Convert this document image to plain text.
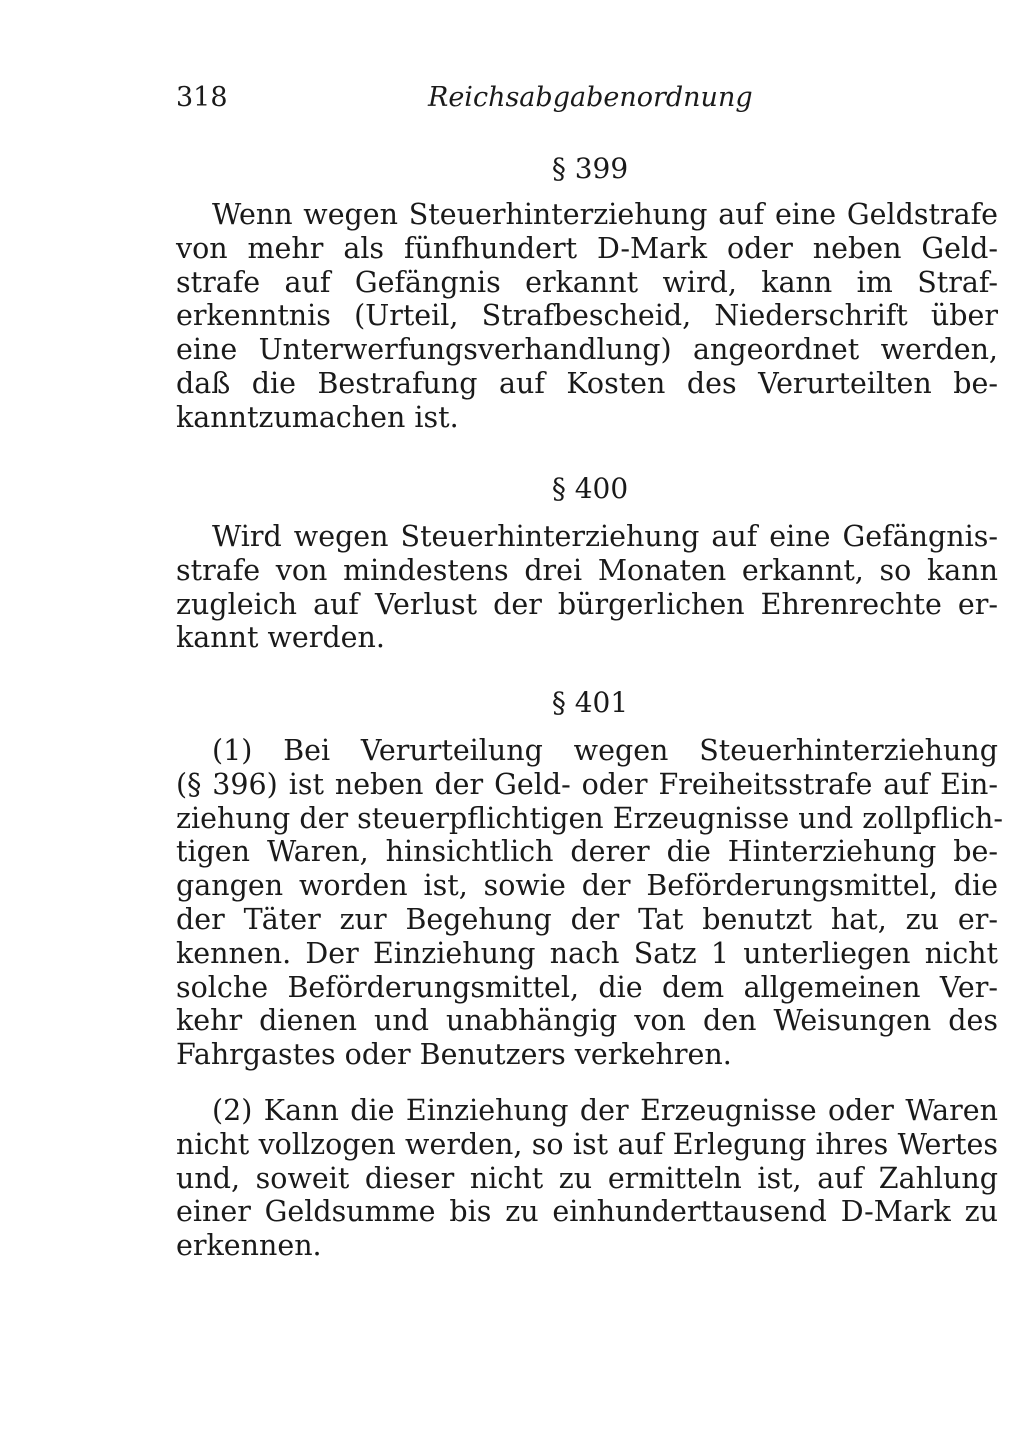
318	Reichsabgabenordnung
§ 399
Wenn wegen Steuerhinterziehung auf eine Geldstrafe
von mehr als fünfhundert D-Mark oder neben Geld-
strafe auf Gefängnis erkannt wird, kann im Straf-
erkenntnis (Urteil, Strafbescheid, Niederschrift über
eine Unterwerfungsverhandlung) angeordnet werden,
daß die Bestrafung auf Kosten des Verurteilten be-
kanntzumachen ist.
§ 400
Wird wegen Steuerhinterziehung auf eine Gefängnis-
strafe von mindestens drei Monaten erkannt, so kann
zugleich auf Verlust der bürgerlichen Ehrenrechte er-
kannt werden.
§ 401
(1) Bei Verurteilung wegen Steuerhinterziehung
(§ 396) ist neben der Geld- oder Freiheitsstrafe auf Ein-
ziehung der steuerpflichtigen Erzeugnisse und zollpflich-
tigen Waren, hinsichtlich derer die Hinterziehung be-
gangen worden ist, sowie der Beförderungsmittel, die
der Täter zur Begehung der Tat benutzt hat, zu er-
kennen. Der Einziehung nach Satz 1 unterliegen nicht
solche Beförderungsmittel, die dem allgemeinen Ver-
kehr dienen und unabhängig von den Weisungen des
Fahrgastes oder Benutzers verkehren.
(2) Kann die Einziehung der Erzeugnisse oder Waren
nicht vollzogen werden, so ist auf Erlegung ihres Wertes
und, soweit dieser nicht zu ermitteln ist, auf Zahlung
einer Geldsumme bis zu einhunderttausend D-Mark zu
erkennen.
